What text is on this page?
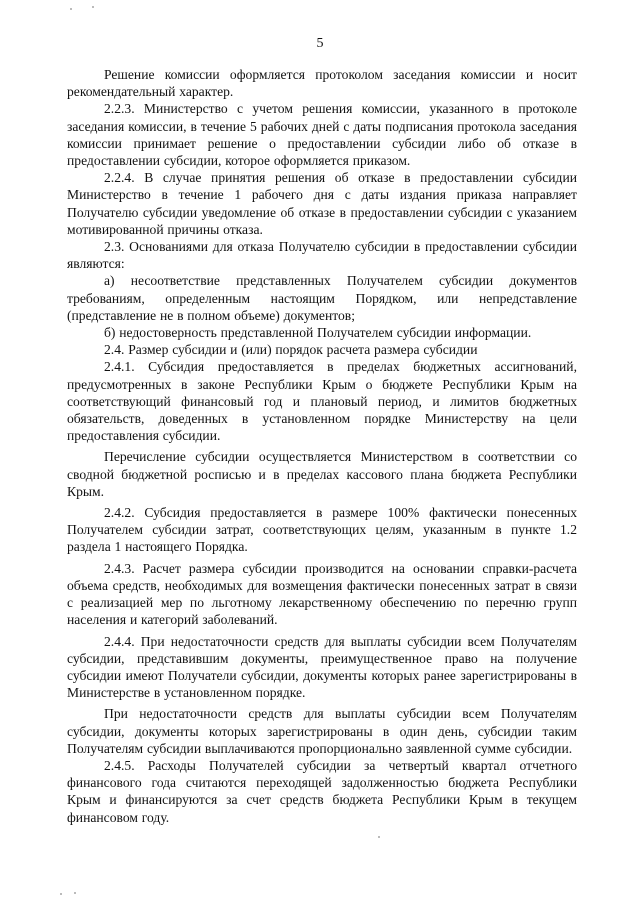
5

Решение комиссии оформляется протоколом заседания комиссии и носит рекомендательный характер.

2.2.3. Министерство с учетом решения комиссии, указанного в протоколе заседания комиссии, в течение 5 рабочих дней с даты подписания протокола заседания комиссии принимает решение о предоставлении субсидии либо об отказе в предоставлении субсидии, которое оформляется приказом.

2.2.4. В случае принятия решения об отказе в предоставлении субсидии Министерство в течение 1 рабочего дня с даты издания приказа направляет Получателю субсидии уведомление об отказе в предоставлении субсидии с указанием мотивированной причины отказа.

2.3. Основаниями для отказа Получателю субсидии в предоставлении субсидии являются:

а) несоответствие представленных Получателем субсидии документов требованиям, определенным настоящим Порядком, или непредставление (представление не в полном объеме) документов;

б) недостоверность представленной Получателем субсидии информации.

2.4. Размер субсидии и (или) порядок расчета размера субсидии

2.4.1. Субсидия предоставляется в пределах бюджетных ассигнований, предусмотренных в законе Республики Крым о бюджете Республики Крым на соответствующий финансовый год и плановый период, и лимитов бюджетных обязательств, доведенных в установленном порядке Министерству на цели предоставления субсидии.

Перечисление субсидии осуществляется Министерством в соответствии со сводной бюджетной росписью и в пределах кассового плана бюджета Республики Крым.

2.4.2. Субсидия предоставляется в размере 100% фактически понесенных Получателем субсидии затрат, соответствующих целям, указанным в пункте 1.2 раздела 1 настоящего Порядка.

2.4.3. Расчет размера субсидии производится на основании справки-расчета объема средств, необходимых для возмещения фактически понесенных затрат в связи с реализацией мер по льготному лекарственному обеспечению по перечню групп населения и категорий заболеваний.

2.4.4. При недостаточности средств для выплаты субсидии всем Получателям субсидии, представившим документы, преимущественное право на получение субсидии имеют Получатели субсидии, документы которых ранее зарегистрированы в Министерстве в установленном порядке.

При недостаточности средств для выплаты субсидии всем Получателям субсидии, документы которых зарегистрированы в один день, субсидии таким Получателям субсидии выплачиваются пропорционально заявленной сумме субсидии.

2.4.5. Расходы Получателей субсидии за четвертый квартал отчетного финансового года считаются переходящей задолженностью бюджета Республики Крым и финансируются за счет средств бюджета Республики Крым в текущем финансовом году.
